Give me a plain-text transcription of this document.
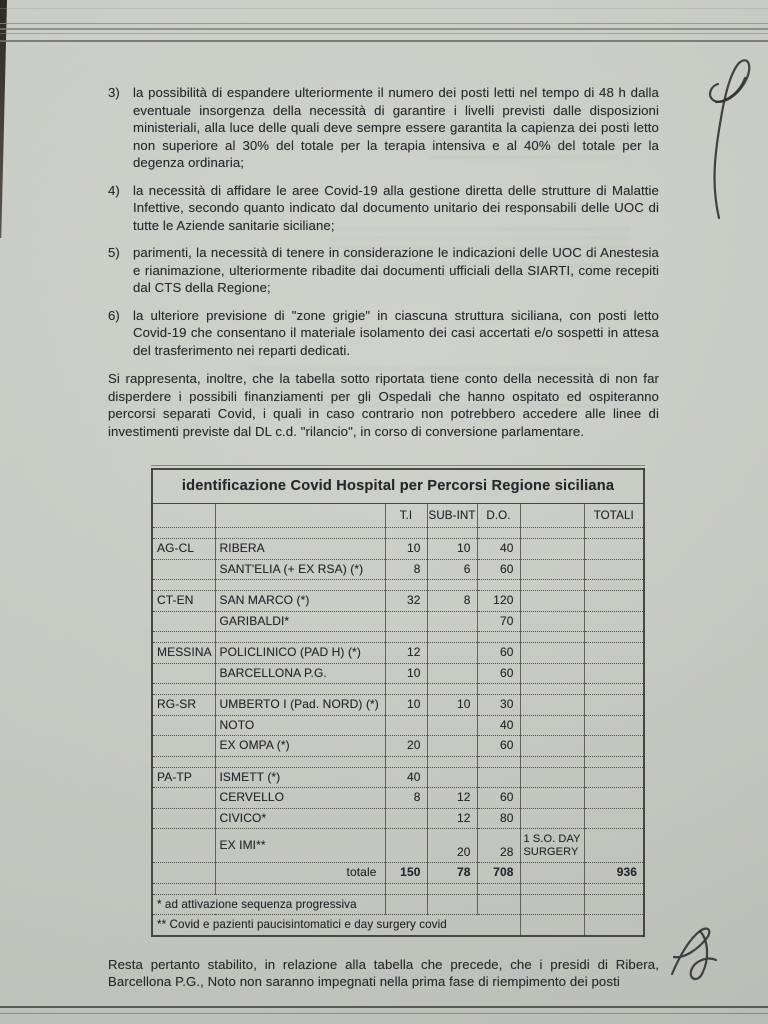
3) la possibilità di espandere ulteriormente il numero dei posti letti nel tempo di 48 h dalla eventuale insorgenza della necessità di garantire i livelli previsti dalle disposizioni ministeriali, alla luce delle quali deve sempre essere garantita la capienza dei posti letto non superiore al 30% del totale per la terapia intensiva e al 40% del totale per la degenza ordinaria;
4) la necessità di affidare le aree Covid-19 alla gestione diretta delle strutture di Malattie Infettive, secondo quanto indicato dal documento unitario dei responsabili delle UOC di tutte le Aziende sanitarie siciliane;
5) parimenti, la necessità di tenere in considerazione le indicazioni delle UOC di Anestesia e rianimazione, ulteriormente ribadite dai documenti ufficiali della SIARTI, come recepiti dal CTS della Regione;
6) la ulteriore previsione di "zone grigie" in ciascuna struttura siciliana, con posti letto Covid-19 che consentano il materiale isolamento dei casi accertati e/o sospetti in attesa del trasferimento nei reparti dedicati.
Si rappresenta, inoltre, che la tabella sotto riportata tiene conto della necessità di non far disperdere i possibili finanziamenti per gli Ospedali che hanno ospitato ed ospiteranno percorsi separati Covid, i quali in caso contrario non potrebbero accedere alle linee di investimenti previste dal DL c.d. "rilancio", in corso di conversione parlamentare.
identificazione Covid Hospital per Percorsi Regione siciliana						
		T.I	SUB-INT	D.O.		TOTALI

AG-CL	RIBERA	10	10	40		
	SANT'ELIA (+ EX RSA) (*)	8	6	60		

CT-EN	SAN MARCO (*)	32	8	120		
	GARIBALDI*			70		

MESSINA	POLICLINICO (PAD H) (*)	12		60		
	BARCELLONA P.G.	10		60		

RG-SR	UMBERTO I (Pad. NORD) (*)	10	10	30		
	NOTO			40		
	EX OMPA (*)	20		60		

PA-TP	ISMETT (*)	40				
	CERVELLO	8	12	60		
	CIVICO*		12	80		
	EX IMI**		20	28	1 S.O. DAY SURGERY	
	totale	150	78	708		936

* ad attivazione sequenza progressiva						
** Covid e pazienti paucisintomatici e day surgery covid						
Resta pertanto stabilito, in relazione alla tabella che precede, che i presidi di Ribera, Barcellona P.G., Noto non saranno impegnati nella prima fase di riempimento dei posti
